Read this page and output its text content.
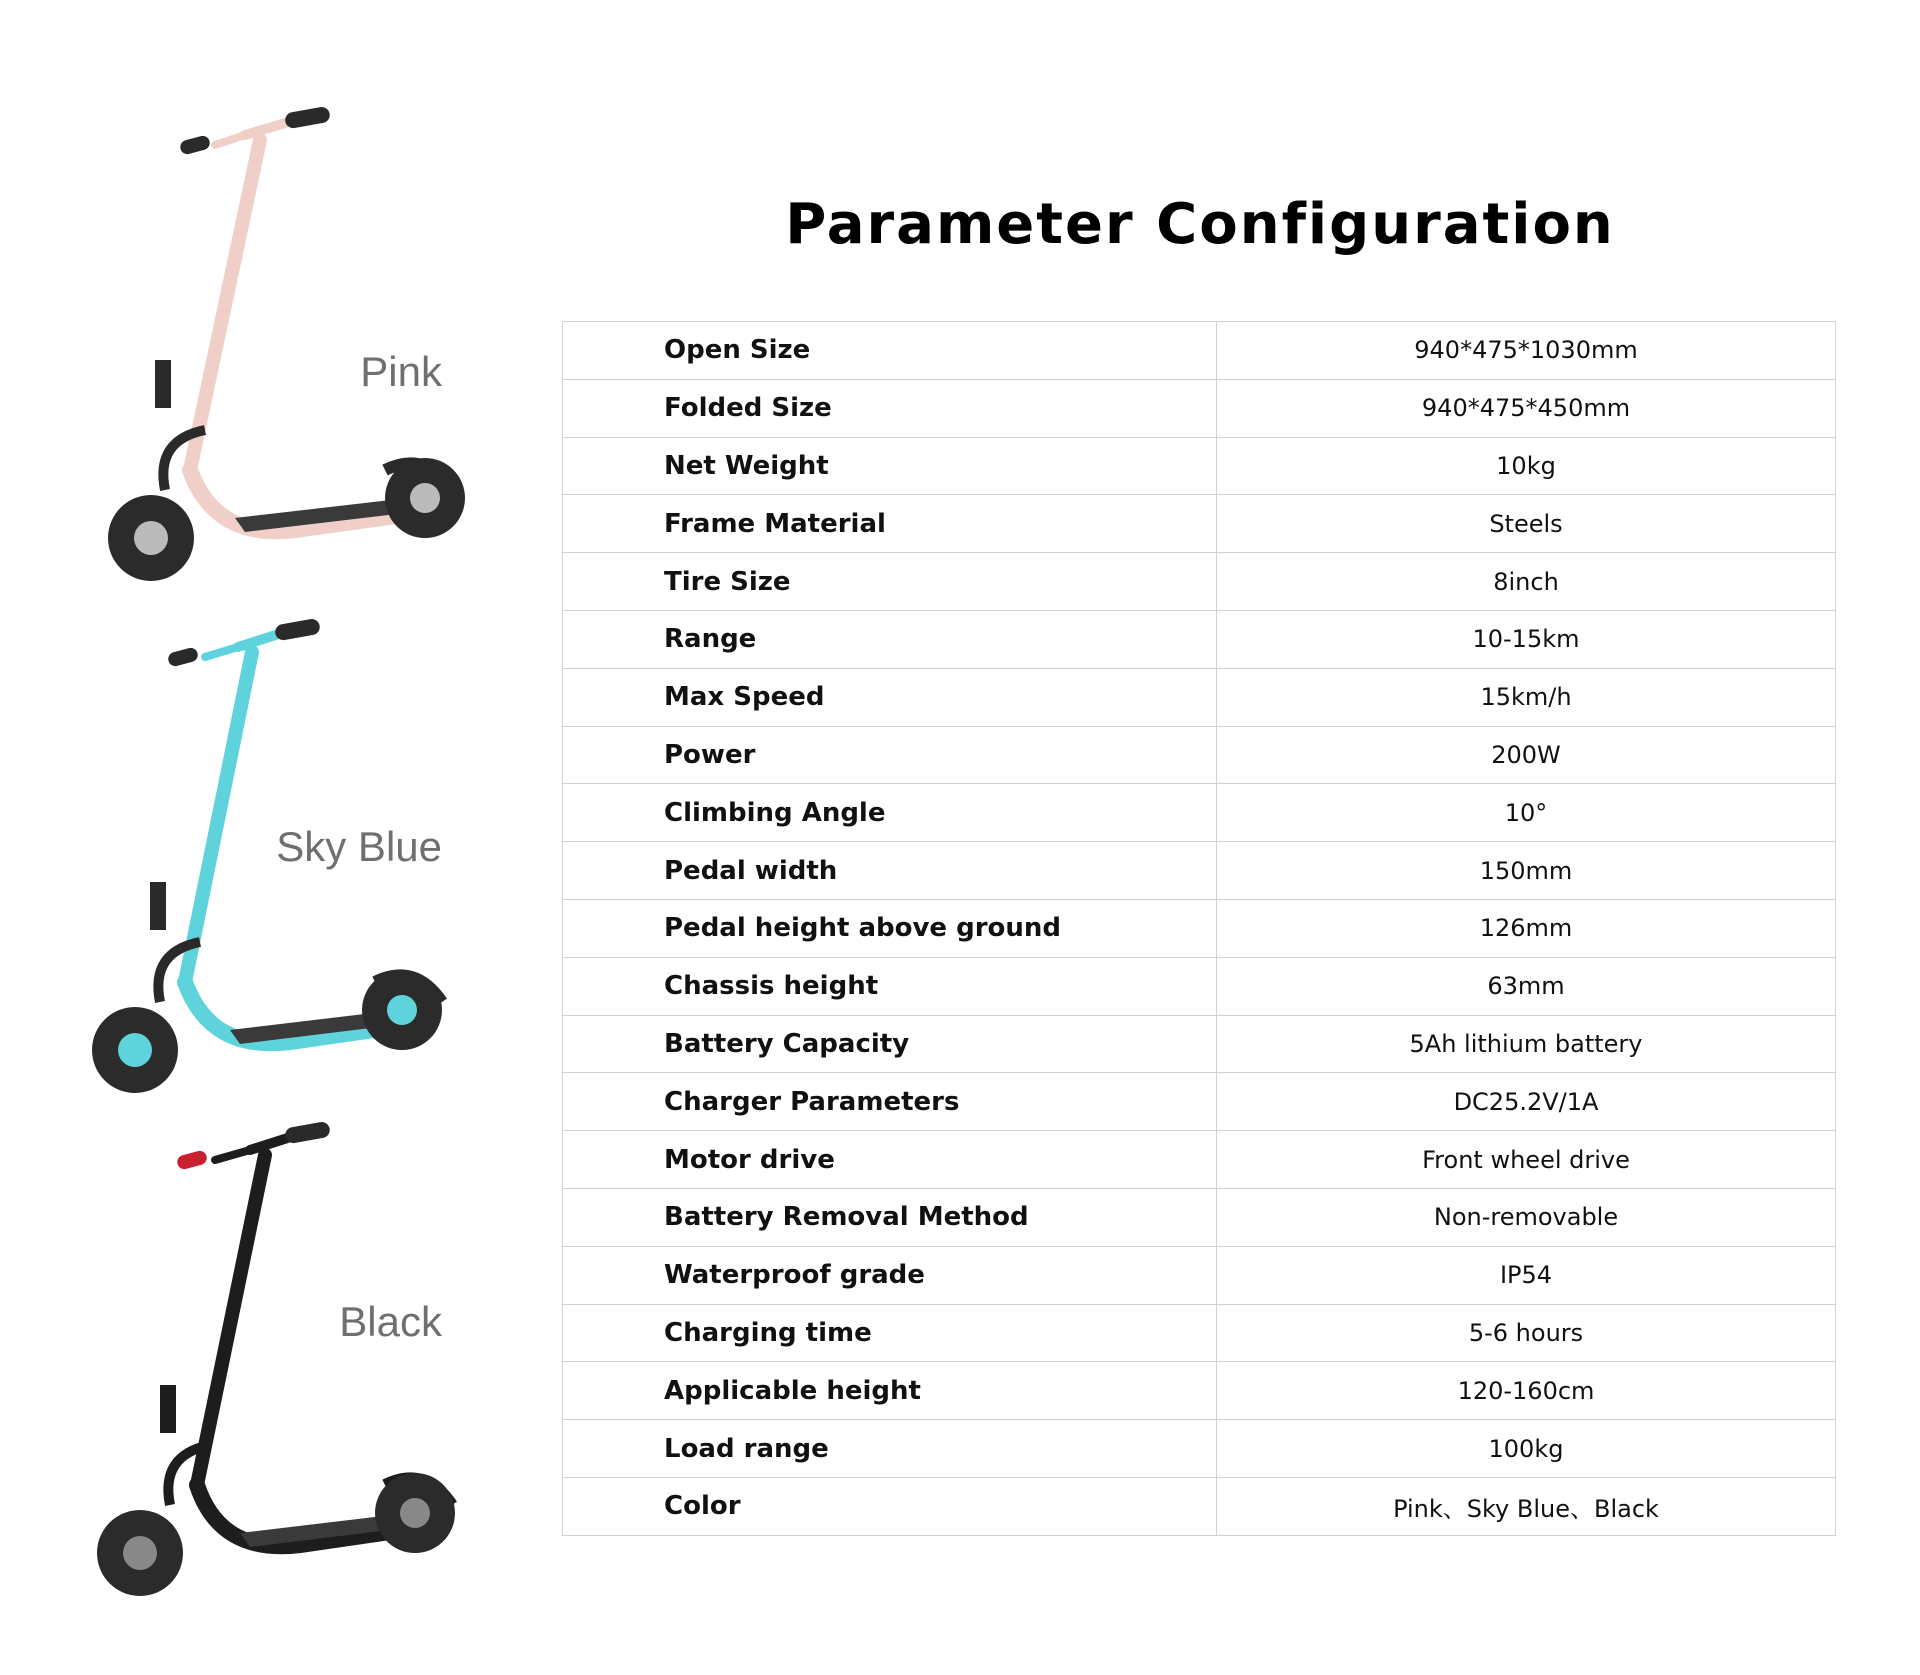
Parameter Configuration
Pink
Sky Blue
Black
Open Size	940*475*1030mm
Folded Size	940*475*450mm
Net Weight	10kg
Frame Material	Steels
Tire Size	8inch
Range	10-15km
Max Speed	15km/h
Power	200W
Climbing Angle	10°
Pedal width	150mm
Pedal height above ground	126mm
Chassis height	63mm
Battery Capacity	5Ah lithium battery
Charger Parameters	DC25.2V/1A
Motor drive	Front wheel drive
Battery Removal Method	Non-removable
Waterproof grade	IP54
Charging time	5-6 hours
Applicable height	120-160cm
Load range	100kg
Color	Pink、Sky Blue、Black
